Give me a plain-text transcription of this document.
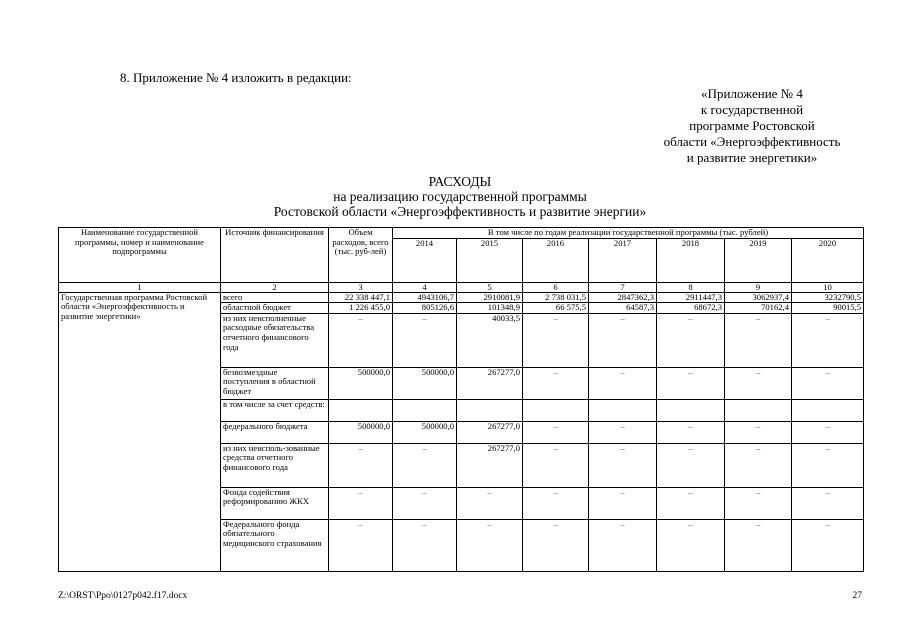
8. Приложение № 4 изложить в редакции:
«Приложение № 4
к государственной
программе Ростовской
области «Энергоэффективность
и развитие энергетики»
РАСХОДЫ
на реализацию государственной программы
Ростовской области «Энергоэффективность и развитие энергии»
Наименование государственной программы, номер и наименование подпрограммы	Источник финансирования	Объем расходов, всего (тыс. руб-лей)	В том числе по годам реализации государственной программы (тыс. рублей)						
			2014	2015	2016	2017	2018	2019	2020
1	2	3	4	5	6	7	8	9	10
Государственная программа Ростовской области «Энергоэффективность и развитие энергетики»	всего	22 338 447,1	4943106,7	2910081,9	2 738 031,5	2847362,3	2911447,3	3062937,4	3232790,5
	областной бюджет	1 226 455,0	805126,6	101348,9	66 575,5	64587,3	68672,3	70162,4	90015,5
	из них неисполненные расходные обязательства отчетного финансового года	–	–	40033,5	–	–	–	–	–
	безвозмездные поступления в областной бюджет	500000,0	500000,0	267277,0	–	–	–	–	–
	в том числе за счет средств:								
	федерального бюджета	500000,0	500000,0	267277,0	–	–	–	–	–
	из них неисполь-зованные средства отчетного финансового года	–	–	267277,0	–	–	–	–	–
	Фонда содействия реформированию ЖКХ	–	–	–	–	–	–	–	–
	Федерального фонда обязательного медицинского страхования	–	–	–	–	–	–	–	–
Z:\ORST\Ppo\0127p042.f17.docx	27
